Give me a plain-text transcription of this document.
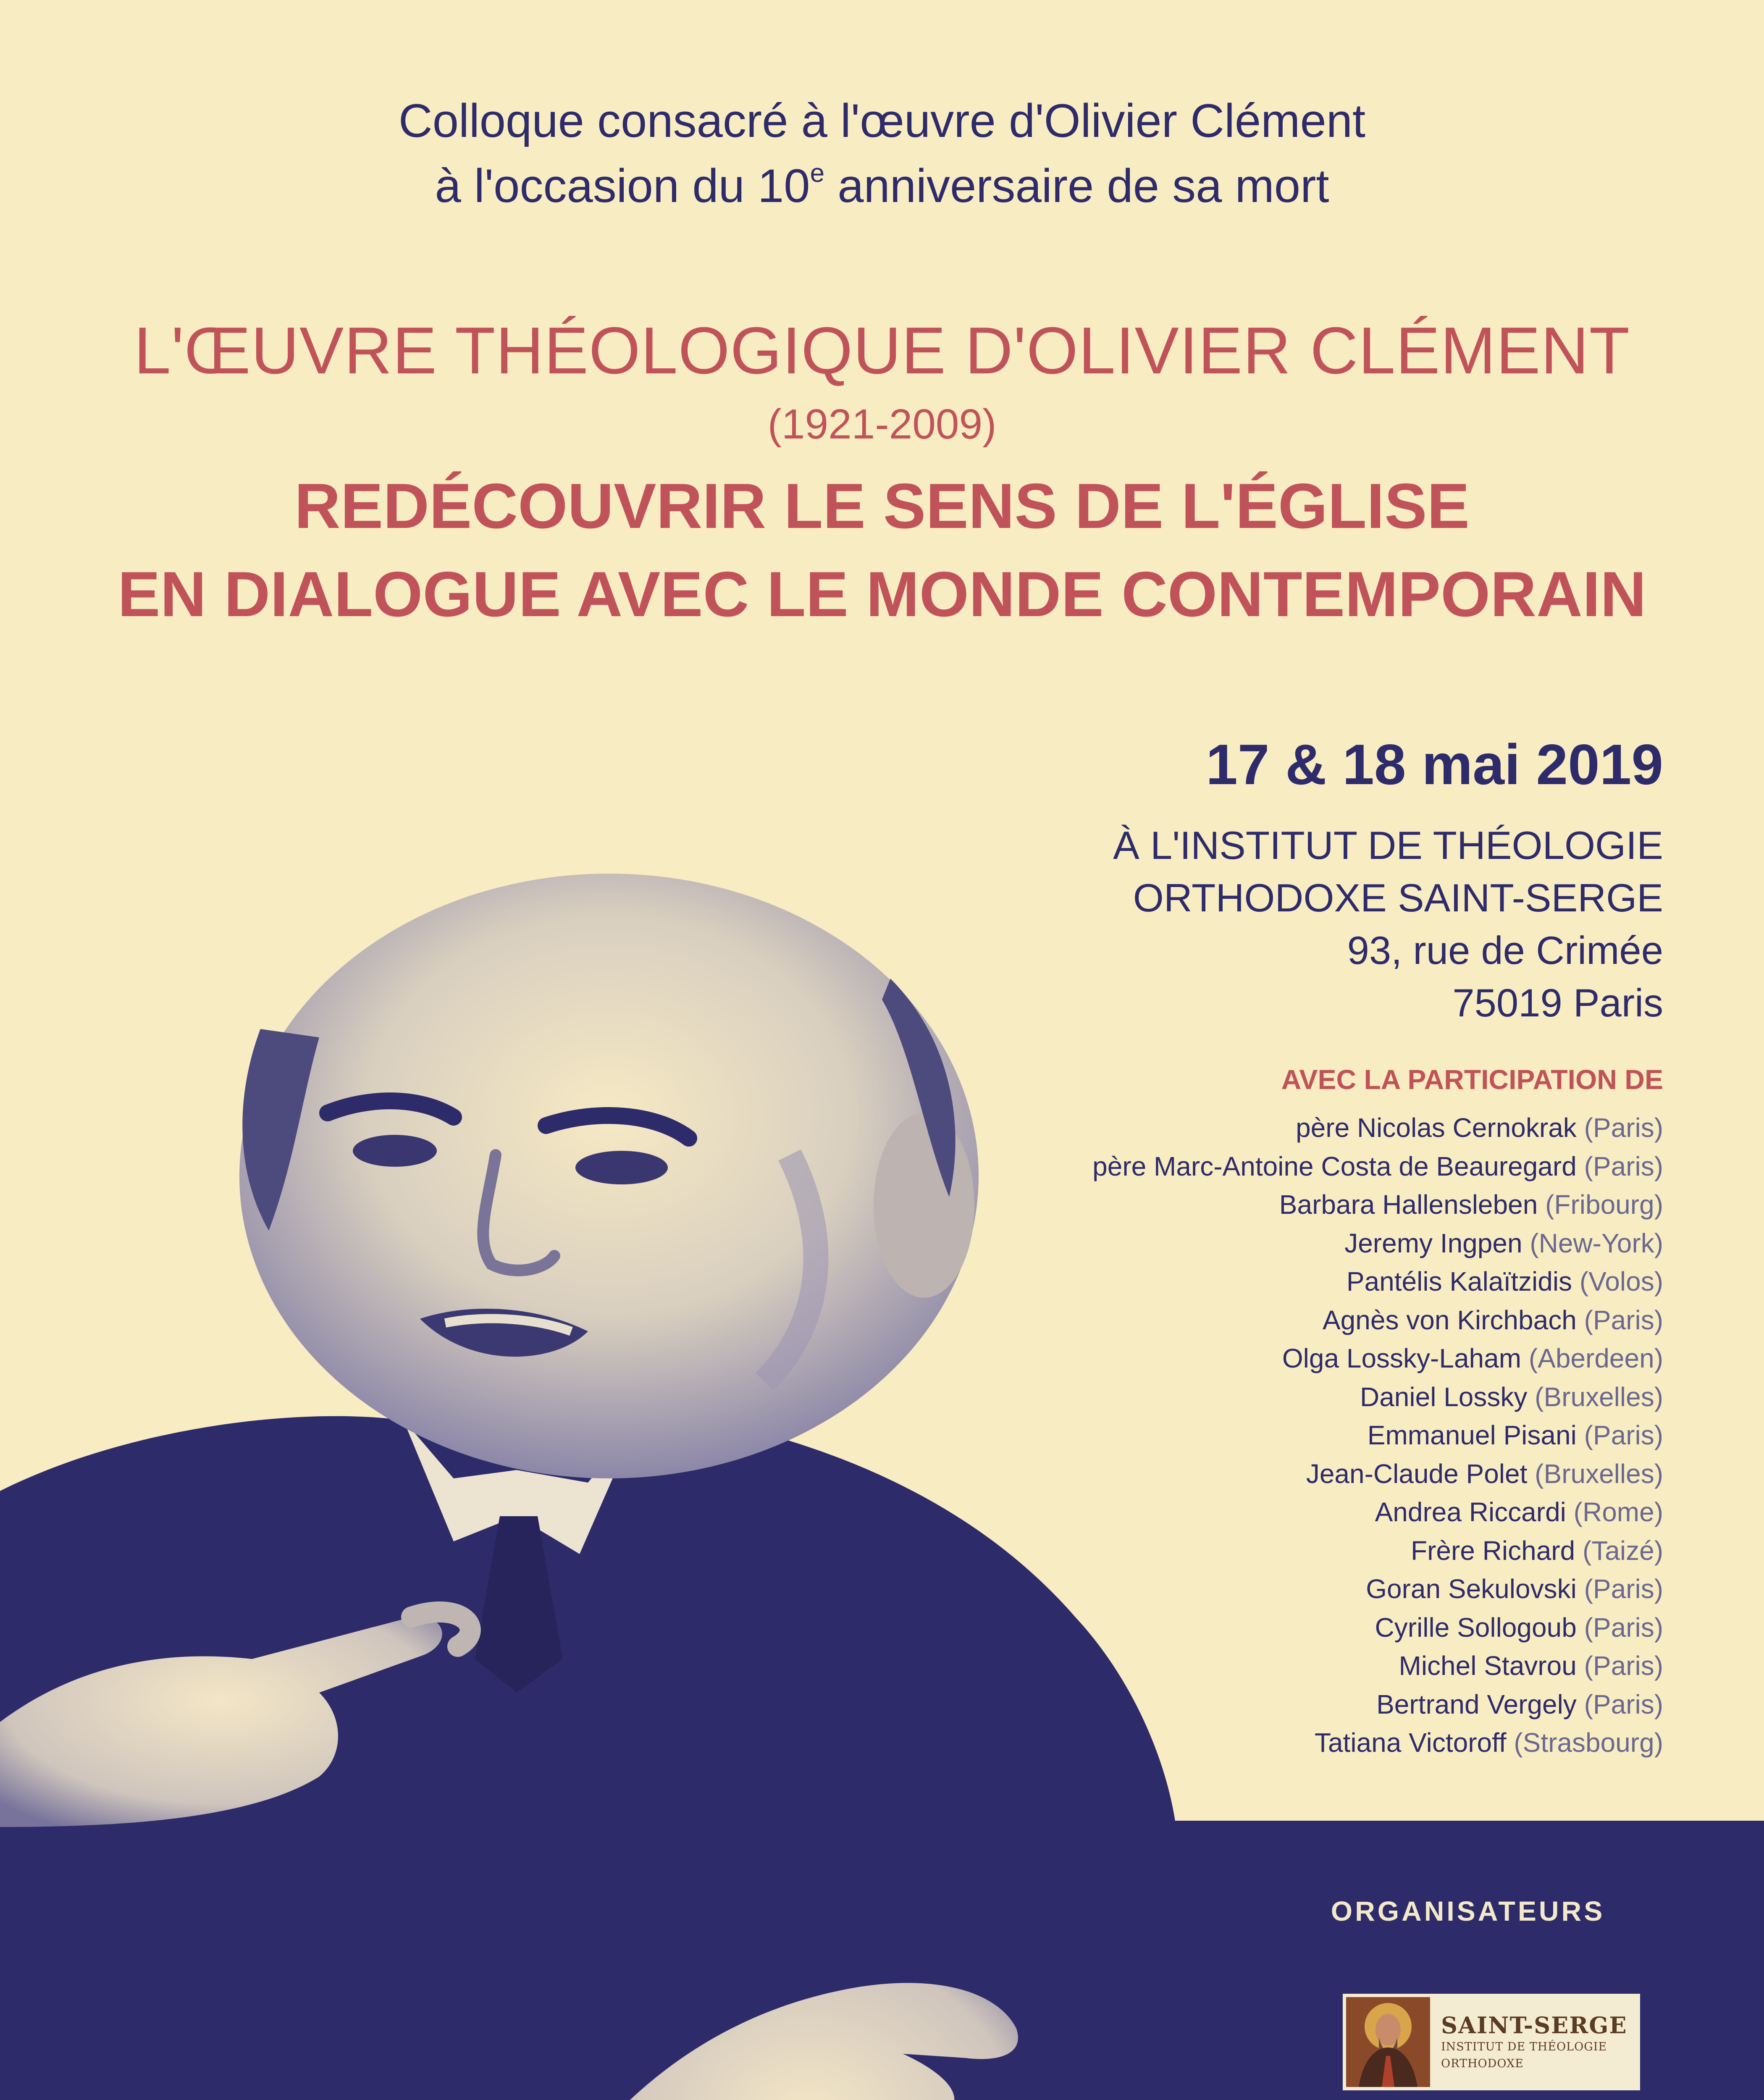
Colloque consacré à l'œuvre d'Olivier Clément
à l'occasion du 10e anniversaire de sa mort
L'ŒUVRE THÉOLOGIQUE D'OLIVIER CLÉMENT
(1921-2009)
REDÉCOUVRIR LE SENS DE L'ÉGLISE
EN DIALOGUE AVEC LE MONDE CONTEMPORAIN
17 & 18 mai 2019
À L'INSTITUT DE THÉOLOGIE
ORTHODOXE SAINT-SERGE
93, rue de Crimée
75019 Paris
AVEC LA PARTICIPATION DE
père Nicolas Cernokrak (Paris)
père Marc-Antoine Costa de Beauregard (Paris)
Barbara Hallensleben (Fribourg)
Jeremy Ingpen (New-York)
Pantélis Kalaïtzidis (Volos)
Agnès von Kirchbach (Paris)
Olga Lossky-Laham (Aberdeen)
Daniel Lossky (Bruxelles)
Emmanuel Pisani (Paris)
Jean-Claude Polet (Bruxelles)
Andrea Riccardi (Rome)
Frère Richard (Taizé)
Goran Sekulovski (Paris)
Cyrille Sollogoub (Paris)
Michel Stavrou (Paris)
Bertrand Vergely (Paris)
Tatiana Victoroff (Strasbourg)
ORGANISATEURS
SAINT-SERGE
INSTITUT DE THÉOLOGIE ORTHODOXE
